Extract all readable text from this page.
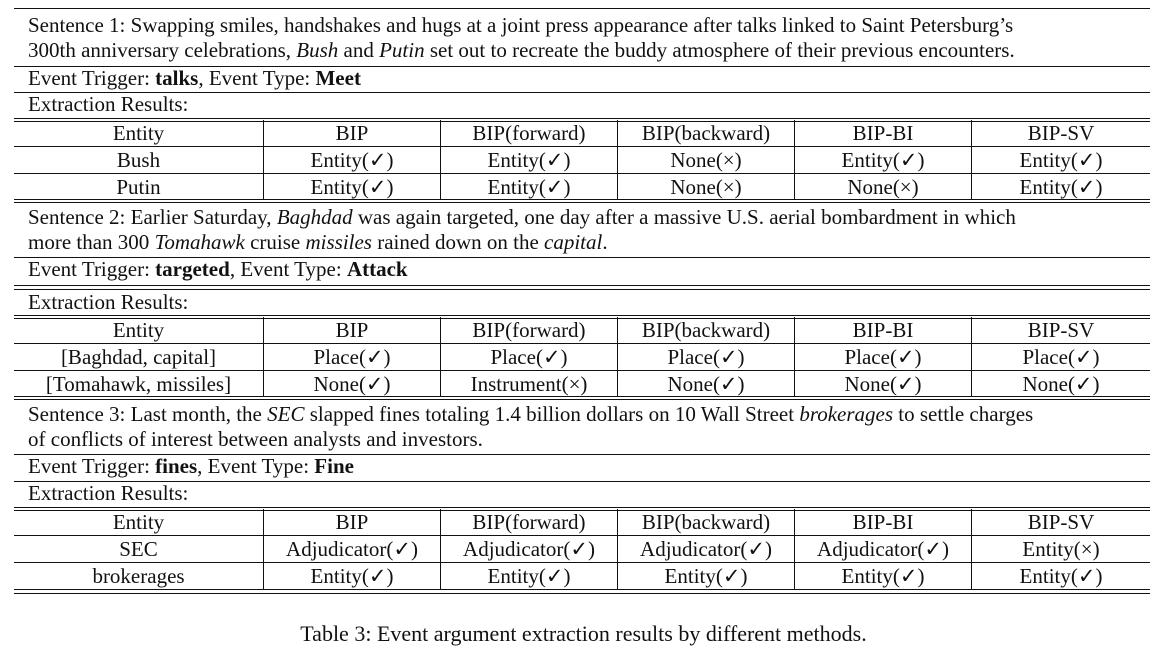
Sentence 1: Swapping smiles, handshakes and hugs at a joint press appearance after talks linked to Saint Petersburg’s
300th anniversary celebrations, Bush and Putin set out to recreate the buddy atmosphere of their previous encounters.
Event Trigger: talks, Event Type: Meet
Extraction Results:
Entity	BIP	BIP(forward)	BIP(backward)	BIP-BI	BIP-SV
Bush	Entity(✓)	Entity(✓)	None(×)	Entity(✓)	Entity(✓)
Putin	Entity(✓)	Entity(✓)	None(×)	None(×)	Entity(✓)
Sentence 2: Earlier Saturday, Baghdad was again targeted, one day after a massive U.S. aerial bombardment in which
more than 300 Tomahawk cruise missiles rained down on the capital.
Event Trigger: targeted, Event Type: Attack
Extraction Results:
Entity	BIP	BIP(forward)	BIP(backward)	BIP-BI	BIP-SV
[Baghdad, capital]	Place(✓)	Place(✓)	Place(✓)	Place(✓)	Place(✓)
[Tomahawk, missiles]	None(✓)	Instrument(×)	None(✓)	None(✓)	None(✓)
Sentence 3: Last month, the SEC slapped fines totaling 1.4 billion dollars on 10 Wall Street brokerages to settle charges
of conflicts of interest between analysts and investors.
Event Trigger: fines, Event Type: Fine
Extraction Results:
Entity	BIP	BIP(forward)	BIP(backward)	BIP-BI	BIP-SV
SEC	Adjudicator(✓)	Adjudicator(✓)	Adjudicator(✓)	Adjudicator(✓)	Entity(×)
brokerages	Entity(✓)	Entity(✓)	Entity(✓)	Entity(✓)	Entity(✓)
Table 3: Event argument extraction results by different methods.
